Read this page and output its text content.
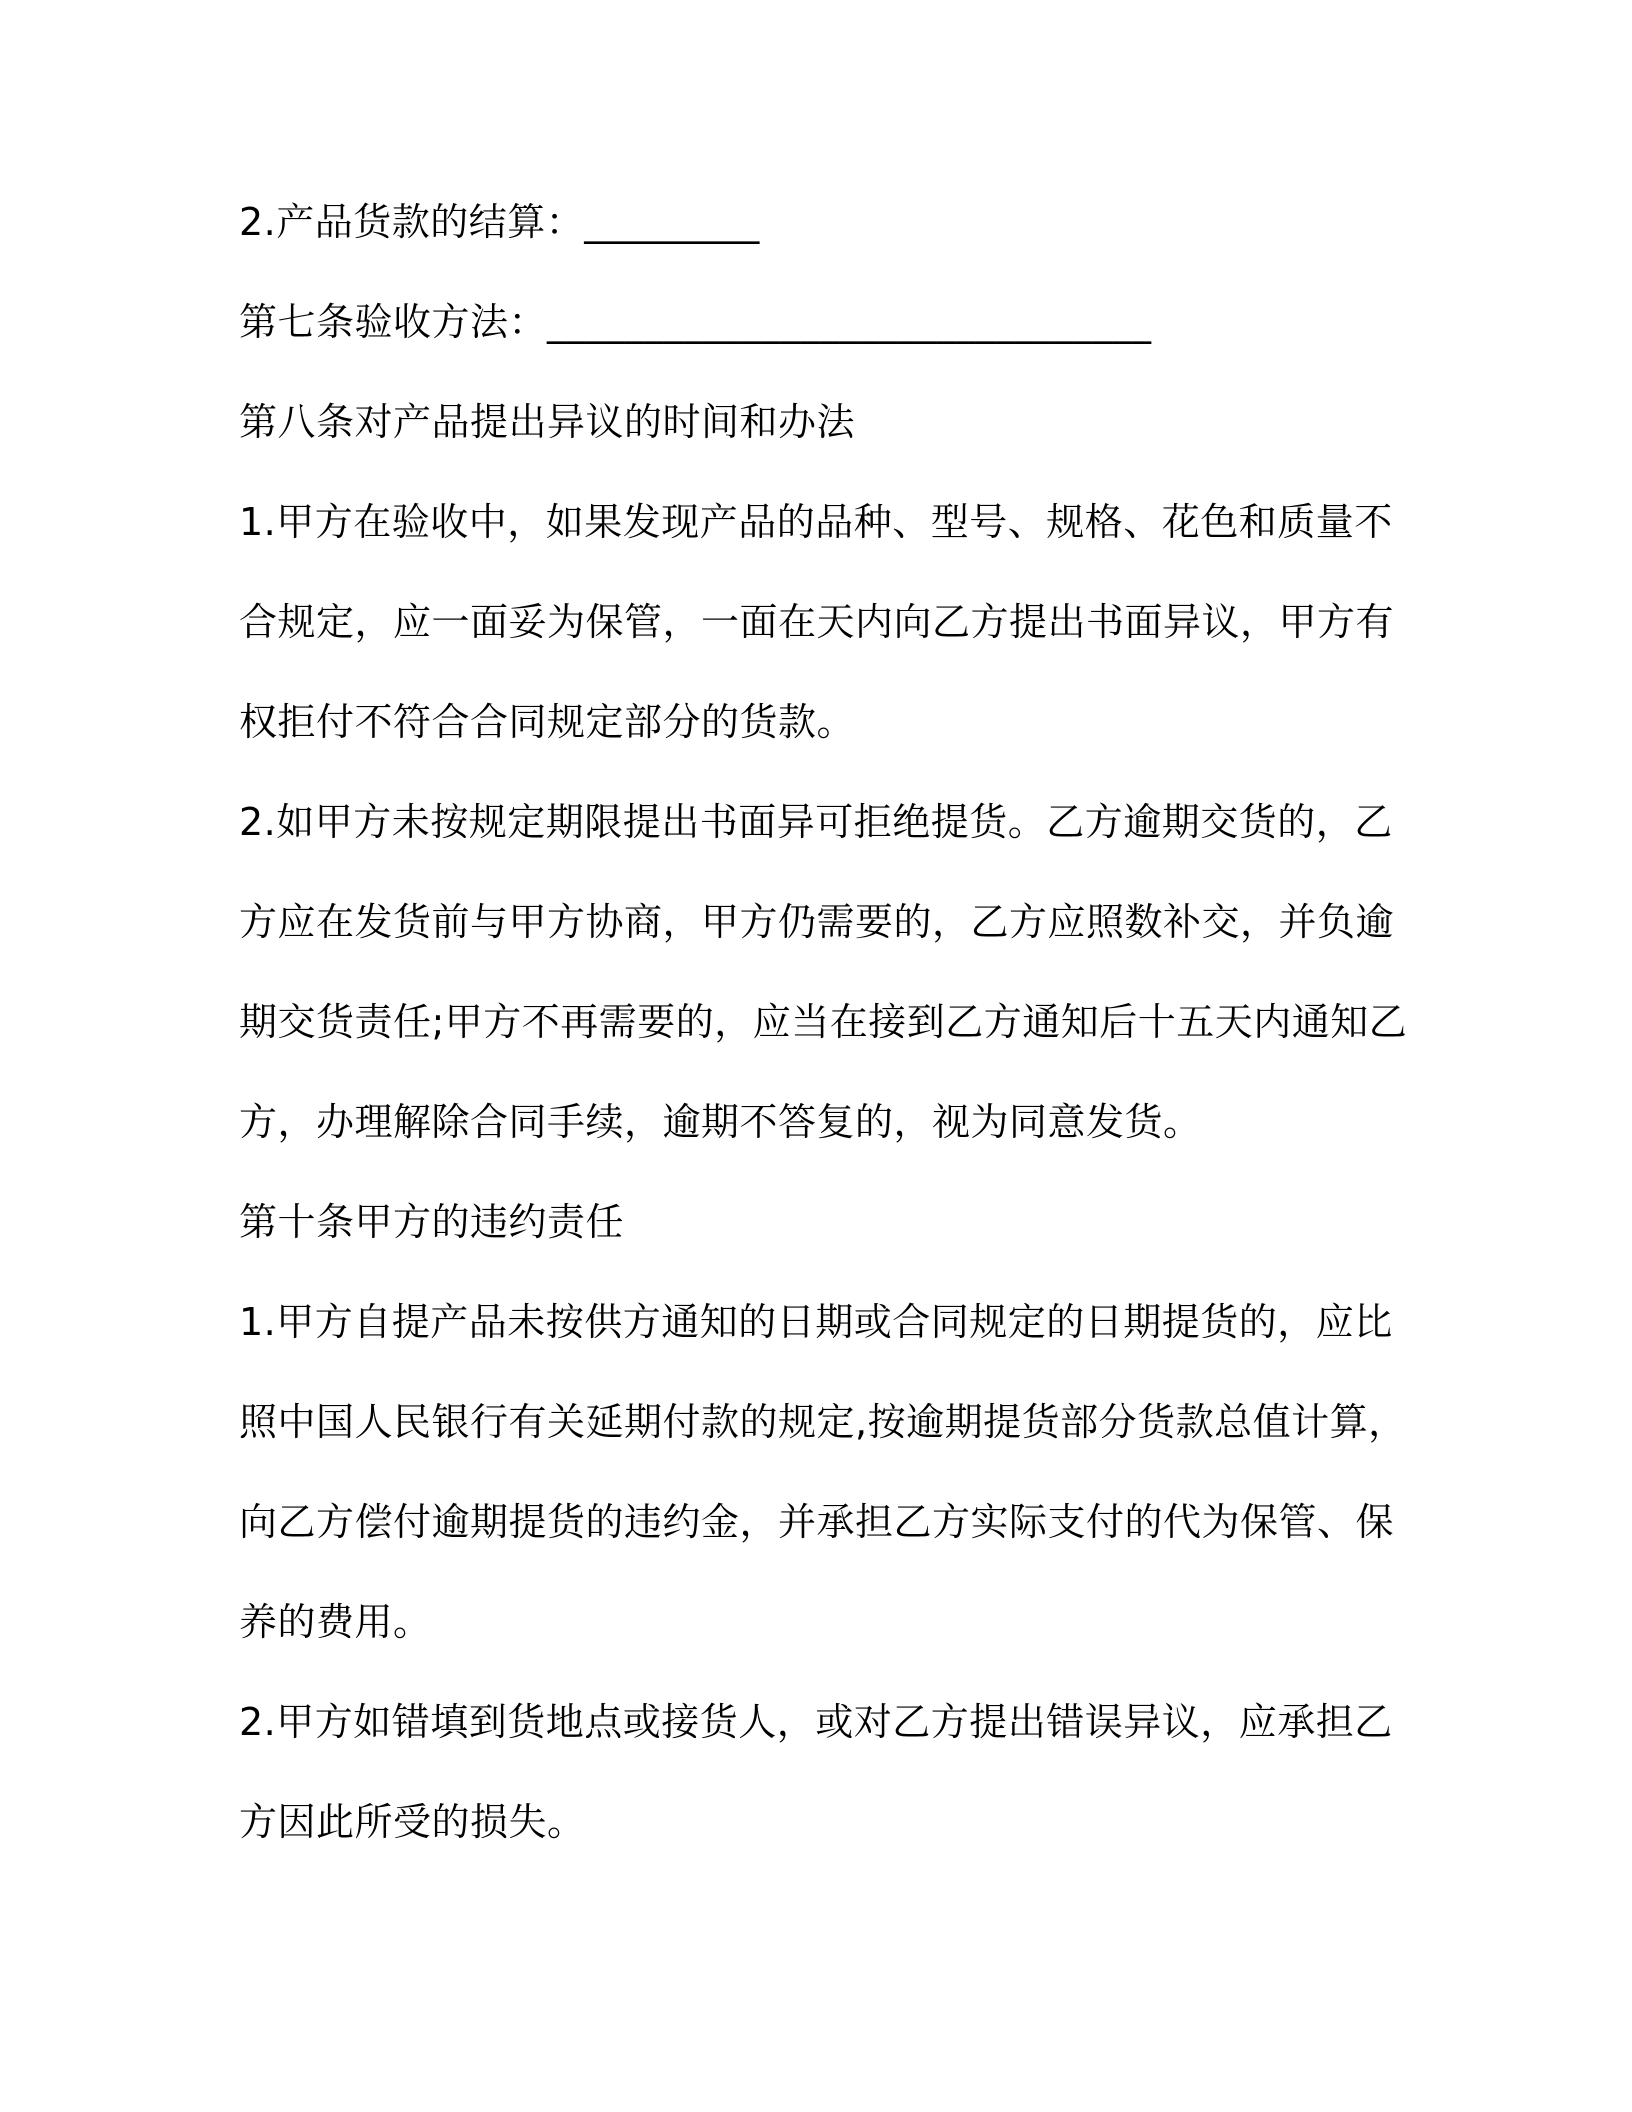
2.产品货款的结算：_________
第七条验收方法：_______________________________
第八条对产品提出异议的时间和办法
1.甲方在验收中，如果发现产品的品种、型号、规格、花色和质量不
合规定，应一面妥为保管，一面在天内向乙方提出书面异议，甲方有
权拒付不符合合同规定部分的货款。
2.如甲方未按规定期限提出书面异可拒绝提货。乙方逾期交货的，乙
方应在发货前与甲方协商，甲方仍需要的，乙方应照数补交，并负逾
期交货责任;甲方不再需要的，应当在接到乙方通知后十五天内通知乙
方，办理解除合同手续，逾期不答复的，视为同意发货。
第十条甲方的违约责任
1.甲方自提产品未按供方通知的日期或合同规定的日期提货的，应比
照中国人民银行有关延期付款的规定,按逾期提货部分货款总值计算，
向乙方偿付逾期提货的违约金，并承担乙方实际支付的代为保管、保
养的费用。
2.甲方如错填到货地点或接货人，或对乙方提出错误异议，应承担乙
方因此所受的损失。
